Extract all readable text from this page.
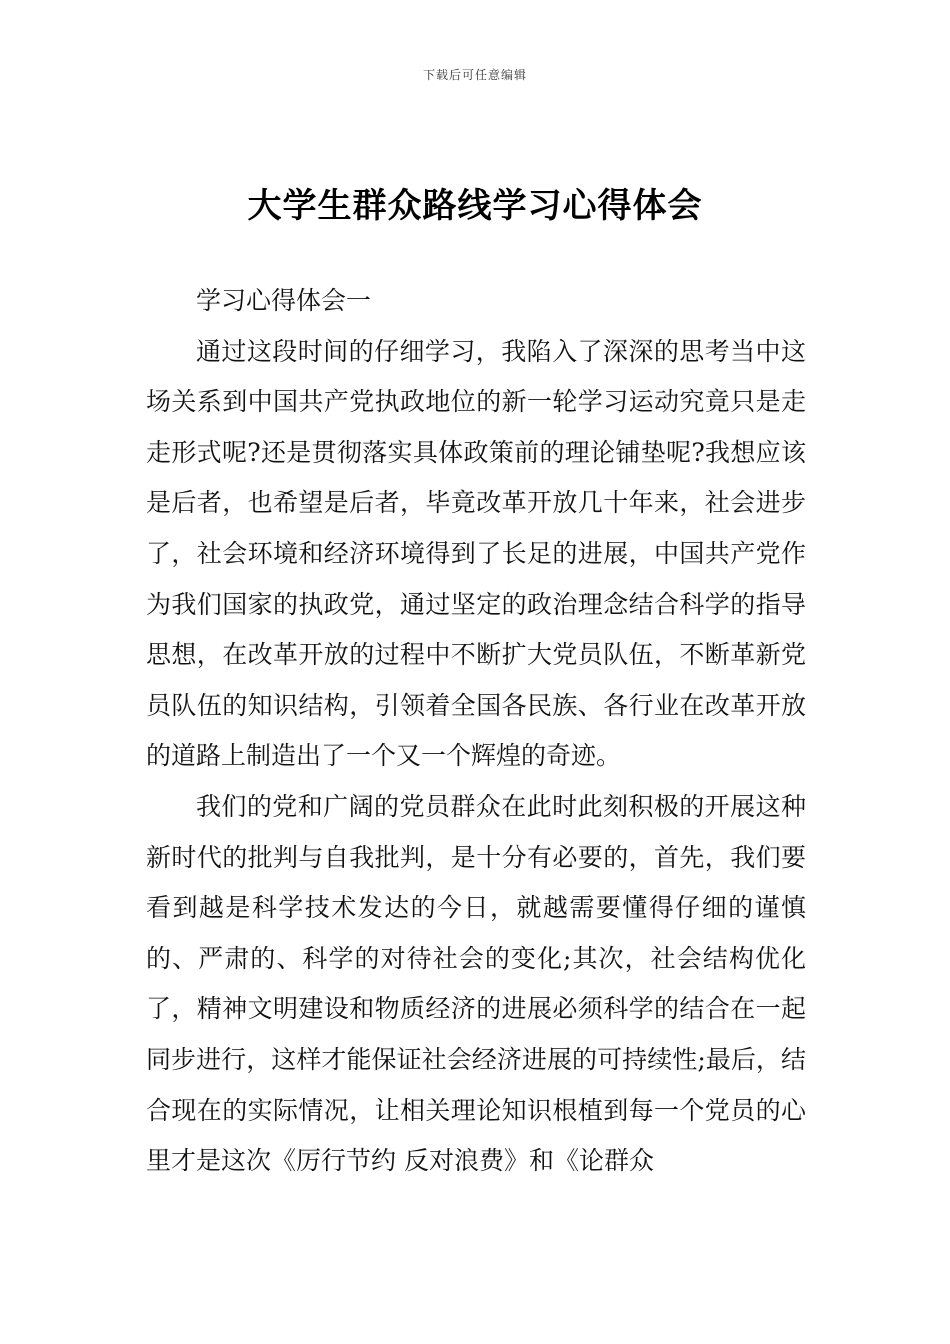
下载后可任意编辑
大学生群众路线学习心得体会

学习心得体会一

通过这段时间的仔细学习，我陷入了深深的思考当中这场关系到中国共产党执政地位的新一轮学习运动究竟只是走走形式呢?还是贯彻落实具体政策前的理论铺垫呢?我想应该是后者，也希望是后者，毕竟改革开放几十年来，社会进步了，社会环境和经济环境得到了长足的进展，中国共产党作为我们国家的执政党，通过坚定的政治理念结合科学的指导思想，在改革开放的过程中不断扩大党员队伍，不断革新党员队伍的知识结构，引领着全国各民族、各行业在改革开放的道路上制造出了一个又一个辉煌的奇迹。

我们的党和广阔的党员群众在此时此刻积极的开展这种新时代的批判与自我批判，是十分有必要的，首先，我们要看到越是科学技术发达的今日，就越需要懂得仔细的谨慎的、严肃的、科学的对待社会的变化;其次，社会结构优化了，精神文明建设和物质经济的进展必须科学的结合在一起同步进行，这样才能保证社会经济进展的可持续性;最后，结合现在的实际情况，让相关理论知识根植到每一个党员的心里才是这次《厉行节约 反对浪费》和《论群众
